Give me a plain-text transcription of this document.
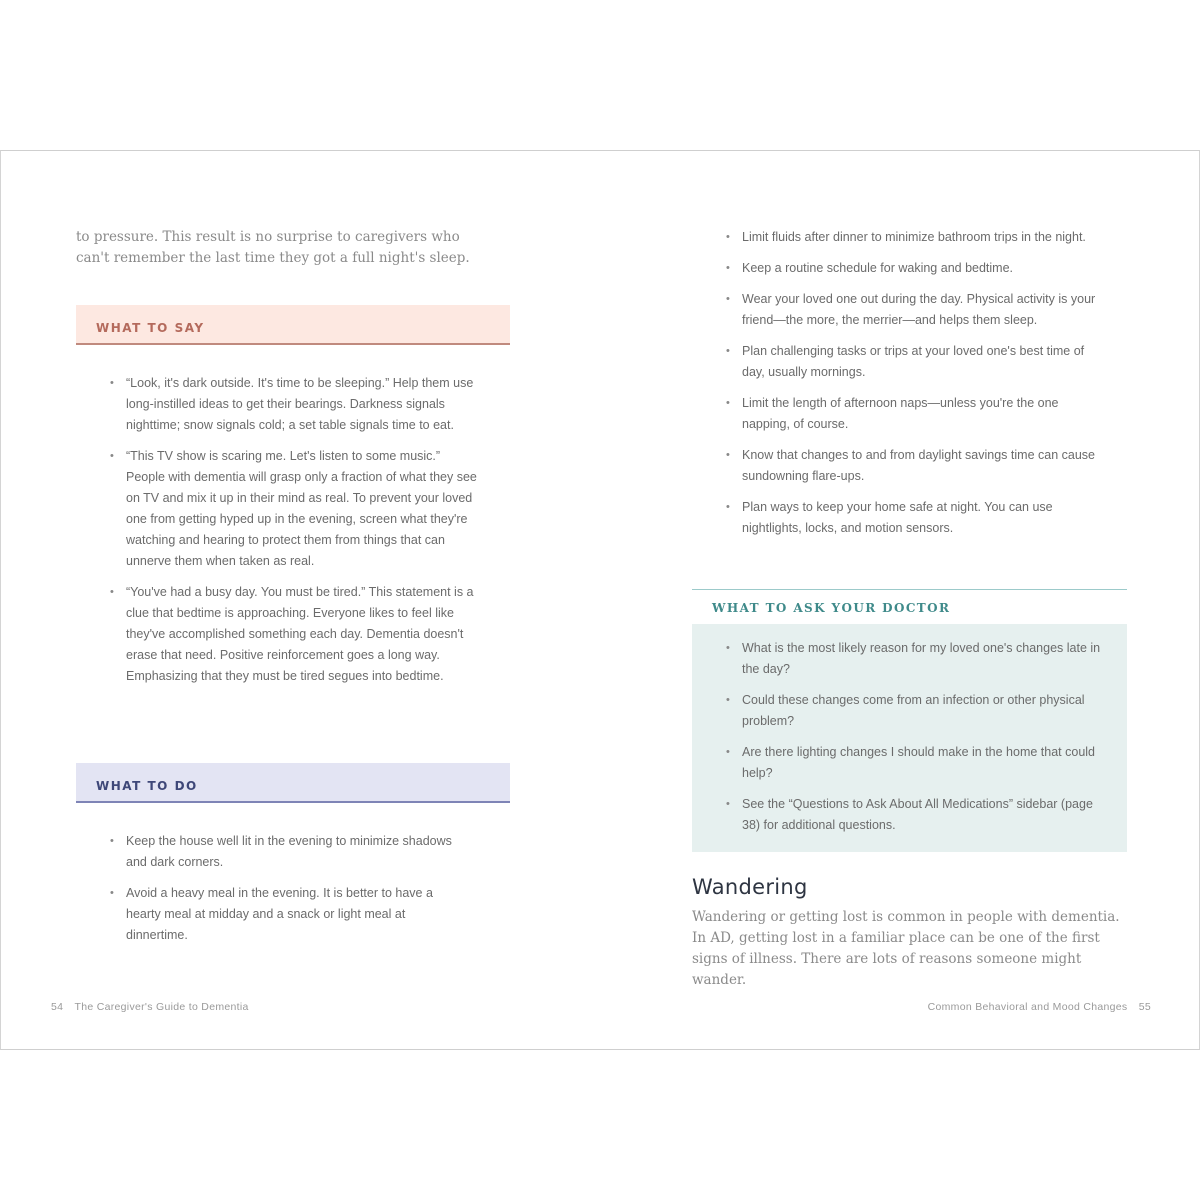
to pressure. This result is no surprise to caregivers who can't remember the last time they got a full night's sleep.
WHAT TO SAY
• “Look, it's dark outside. It's time to be sleeping.” Help them use long-instilled ideas to get their bearings. Darkness signals nighttime; snow signals cold; a set table signals time to eat.
• “This TV show is scaring me. Let's listen to some music.” People with dementia will grasp only a fraction of what they see on TV and mix it up in their mind as real. To prevent your loved one from getting hyped up in the evening, screen what they're watching and hearing to protect them from things that can unnerve them when taken as real.
• “You've had a busy day. You must be tired.” This statement is a clue that bedtime is approaching. Everyone likes to feel like they've accomplished something each day. Dementia doesn't erase that need. Positive reinforcement goes a long way. Emphasizing that they must be tired segues into bedtime.
WHAT TO DO
• Keep the house well lit in the evening to minimize shadows and dark corners.
• Avoid a heavy meal in the evening. It is better to have a hearty meal at midday and a snack or light meal at dinnertime.
54 The Caregiver's Guide to Dementia
• Limit fluids after dinner to minimize bathroom trips in the night.
• Keep a routine schedule for waking and bedtime.
• Wear your loved one out during the day. Physical activity is your friend—the more, the merrier—and helps them sleep.
• Plan challenging tasks or trips at your loved one's best time of day, usually mornings.
• Limit the length of afternoon naps—unless you're the one napping, of course.
• Know that changes to and from daylight savings time can cause sundowning flare-ups.
• Plan ways to keep your home safe at night. You can use nightlights, locks, and motion sensors.
WHAT TO ASK YOUR DOCTOR
• What is the most likely reason for my loved one's changes late in the day?
• Could these changes come from an infection or other physical problem?
• Are there lighting changes I should make in the home that could help?
• See the “Questions to Ask About All Medications” sidebar (page 38) for additional questions.
Wandering
Wandering or getting lost is common in people with dementia. In AD, getting lost in a familiar place can be one of the first signs of illness. There are lots of reasons someone might wander.
Common Behavioral and Mood Changes 55
